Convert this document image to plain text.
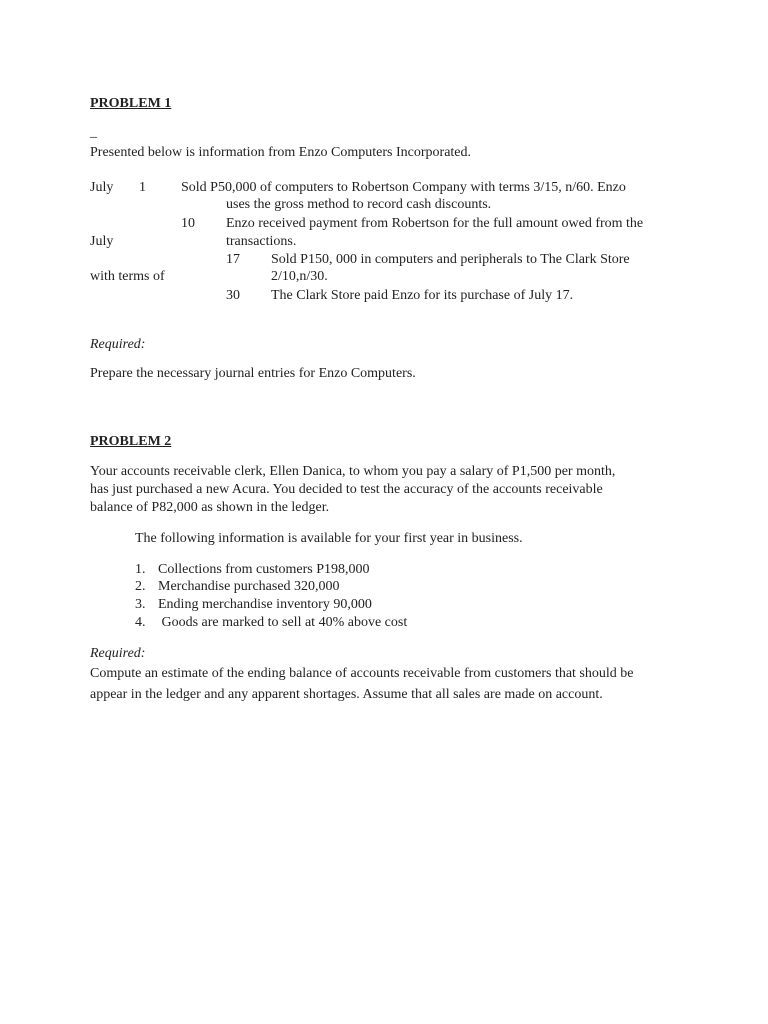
PROBLEM 1
_
Presented below is information from Enzo Computers Incorporated.
July 1	Sold P50,000 of computers to Robertson Company with terms 3/15, n/60. Enzo
uses the gross method to record cash discounts.
10 Enzo received payment from Robertson for the full amount owed from the
July	transactions.
17 Sold P150, 000 in computers and peripherals to The Clark Store
with terms of	2/10,n/30.
30 The Clark Store paid Enzo for its purchase of July 17.
Required:
Prepare the necessary journal entries for Enzo Computers.
PROBLEM 2
Your accounts receivable clerk, Ellen Danica, to whom you pay a salary of P1,500 per month,
has just purchased a new Acura. You decided to test the accuracy of the accounts receivable
balance of P82,000 as shown in the ledger.
The following information is available for your first year in business.
1. Collections from customers P198,000
2. Merchandise purchased 320,000
3. Ending merchandise inventory 90,000
4. Goods are marked to sell at 40% above cost
Required:
Compute an estimate of the ending balance of accounts receivable from customers that should be
appear in the ledger and any apparent shortages. Assume that all sales are made on account.
